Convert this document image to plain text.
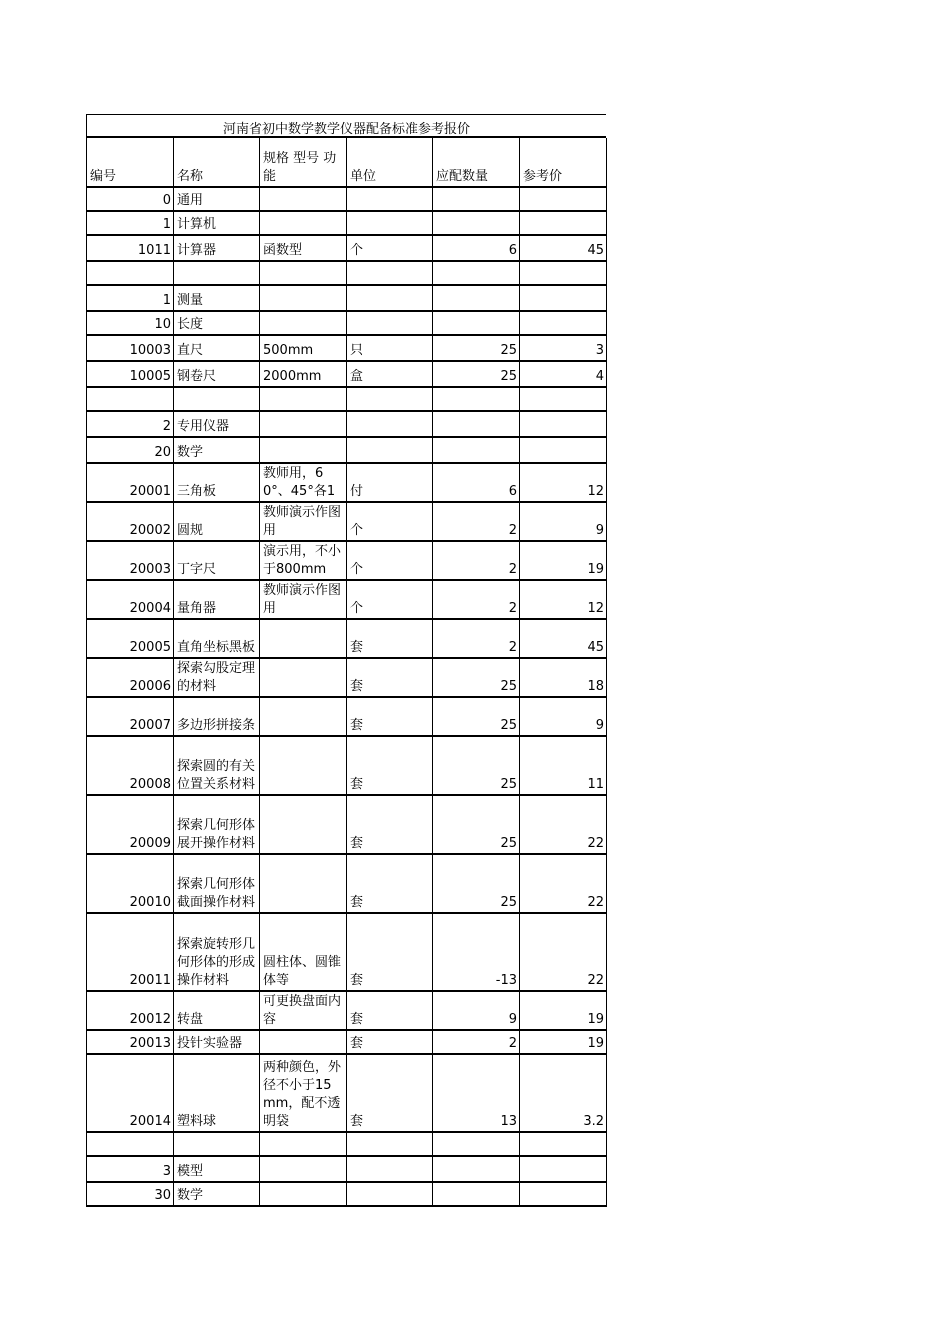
河南省初中数学教学仪器配备标准参考报价
编号	名称	规格 型号 功能	单位	应配数量	参考价
0	通用				
1	计算机				
1011	计算器	函数型	个	6	45

1	测量				
10	长度				
10003	直尺	500mm	只	25	3
10005	钢卷尺	2000mm	盒	25	4

2	专用仪器				
20	数学				
20001	三角板	教师用，60°、45°各1	付	6	12
20002	圆规	教师演示作图用	个	2	9
20003	丁字尺	演示用，不小于800mm	个	2	19
20004	量角器	教师演示作图用	个	2	12
20005	直角坐标黑板		套	2	45
20006	探索勾股定理的材料		套	25	18
20007	多边形拼接条		套	25	9
20008	探索圆的有关位置关系材料		套	25	11
20009	探索几何形体展开操作材料		套	25	22
20010	探索几何形体截面操作材料		套	25	22
20011	探索旋转形几何形体的形成操作材料	圆柱体、圆锥体等	套	-13	22
20012	转盘	可更换盘面内容	套	9	19
20013	投针实验器		套	2	19
20014	塑料球	两种颜色，外径不小于15mm，配不透明袋	套	13	3.2

3	模型				
30	数学				
